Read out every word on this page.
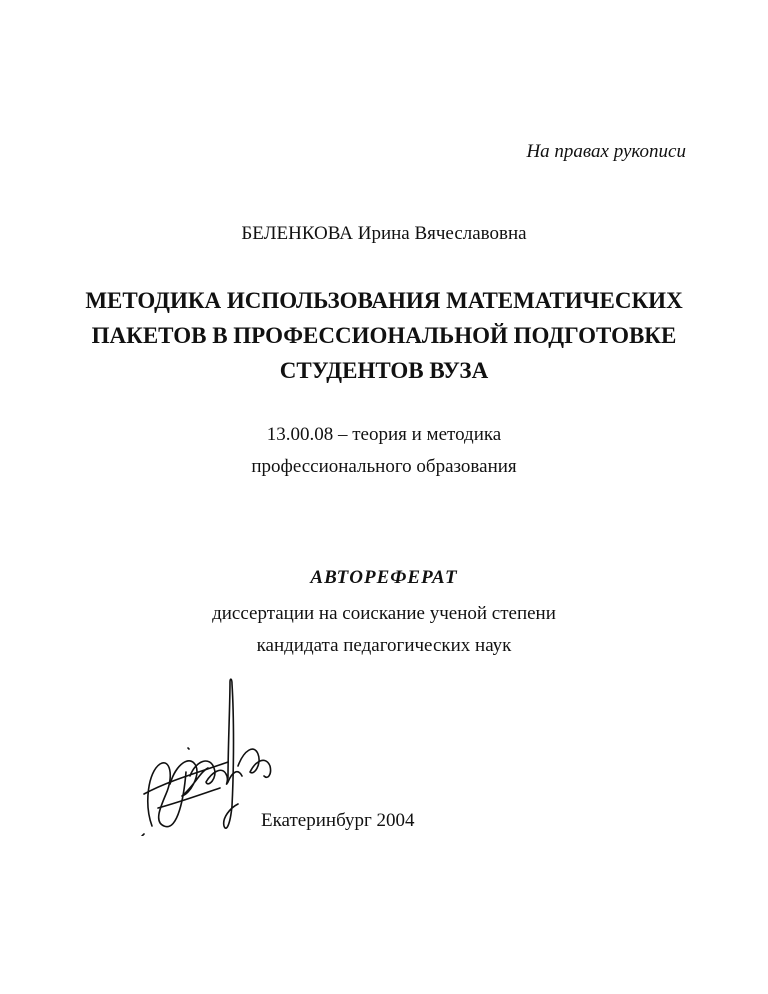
На правах рукописи
БЕЛЕНКОВА Ирина Вячеславовна
МЕТОДИКА ИСПОЛЬЗОВАНИЯ МАТЕМАТИЧЕСКИХ
ПАКЕТОВ В ПРОФЕССИОНАЛЬНОЙ ПОДГОТОВКЕ
СТУДЕНТОВ ВУЗА
13.00.08 – теория и методика
профессионального образования
АВТОРЕФЕРАТ
диссертации на соискание ученой степени
кандидата педагогических наук
Екатеринбург 2004
